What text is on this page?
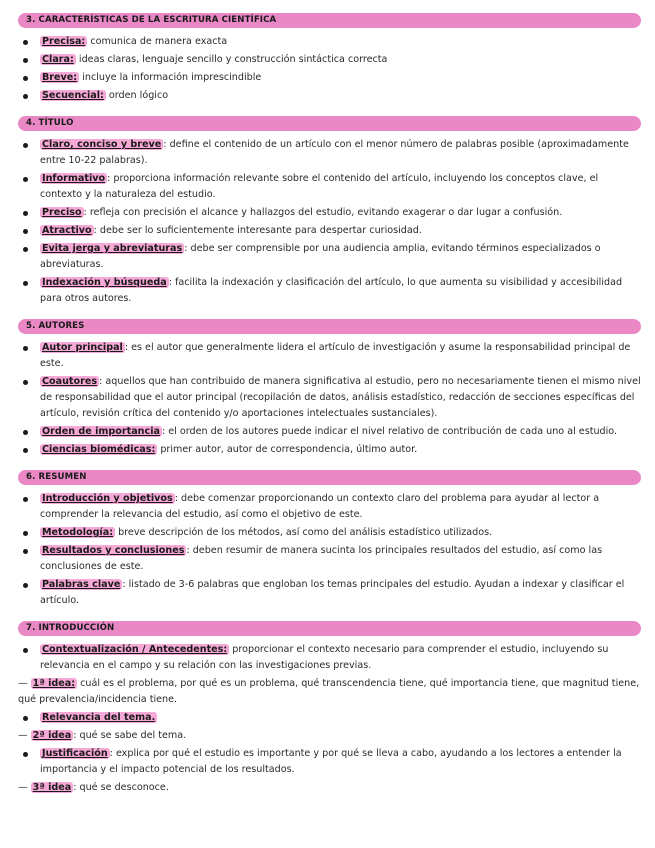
3. CARACTERÍSTICAS DE LA ESCRITURA CIENTÍFICA
Precisa: comunica de manera exacta
Clara: ideas claras, lenguaje sencillo y construcción sintáctica correcta
Breve: incluye la información imprescindible
Secuencial: orden lógico
4. TÍTULO
Claro, conciso y breve : define el contenido de un artículo con el menor número de palabras posible (aproximadamente entre 10-22 palabras).
Informativo : proporciona información relevante sobre el contenido del artículo, incluyendo los conceptos clave, el contexto y la naturaleza del estudio.
Preciso : refleja con precisión el alcance y hallazgos del estudio, evitando exagerar o dar lugar a confusión.
Atractivo : debe ser lo suficientemente interesante para despertar curiosidad.
Evita jerga y abreviaturas : debe ser comprensible por una audiencia amplia, evitando términos especializados o abreviaturas.
Indexación y búsqueda : facilita la indexación y clasificación del artículo, lo que aumenta su visibilidad y accesibilidad para otros autores.
5. AUTORES
Autor principal : es el autor que generalmente lidera el artículo de investigación y asume la responsabilidad principal de este.
Coautores : aquellos que han contribuido de manera significativa al estudio, pero no necesariamente tienen el mismo nivel de responsabilidad que el autor principal (recopilación de datos, análisis estadístico, redacción de secciones específicas del artículo, revisión crítica del contenido y/o aportaciones intelectuales sustanciales).
Orden de importancia : el orden de los autores puede indicar el nivel relativo de contribución de cada uno al estudio.
Ciencias biomédicas: primer autor, autor de correspondencia, último autor.
6. RESUMEN
Introducción y objetivos : debe comenzar proporcionando un contexto claro del problema para ayudar al lector a comprender la relevancia del estudio, así como el objetivo de este.
Metodología: breve descripción de los métodos, así como del análisis estadístico utilizados.
Resultados y conclusiones : deben resumir de manera sucinta los principales resultados del estudio, así como las conclusiones de este.
Palabras clave : listado de 3-6 palabras que engloban los temas principales del estudio. Ayudan a indexar y clasificar el artículo.
7. INTRODUCCIÓN
Contextualización / Antecedentes: proporcionar el contexto necesario para comprender el estudio, incluyendo su relevancia en el campo y su relación con las investigaciones previas.
— 1ª idea: cuál es el problema, por qué es un problema, qué transcendencia tiene, qué importancia tiene, que magnitud tiene, qué prevalencia/incidencia tiene.
Relevancia del tema.
— 2ª idea : qué se sabe del tema.
Justificación : explica por qué el estudio es importante y por qué se lleva a cabo, ayudando a los lectores a entender la importancia y el impacto potencial de los resultados.
— 3ª idea : qué se desconoce.
